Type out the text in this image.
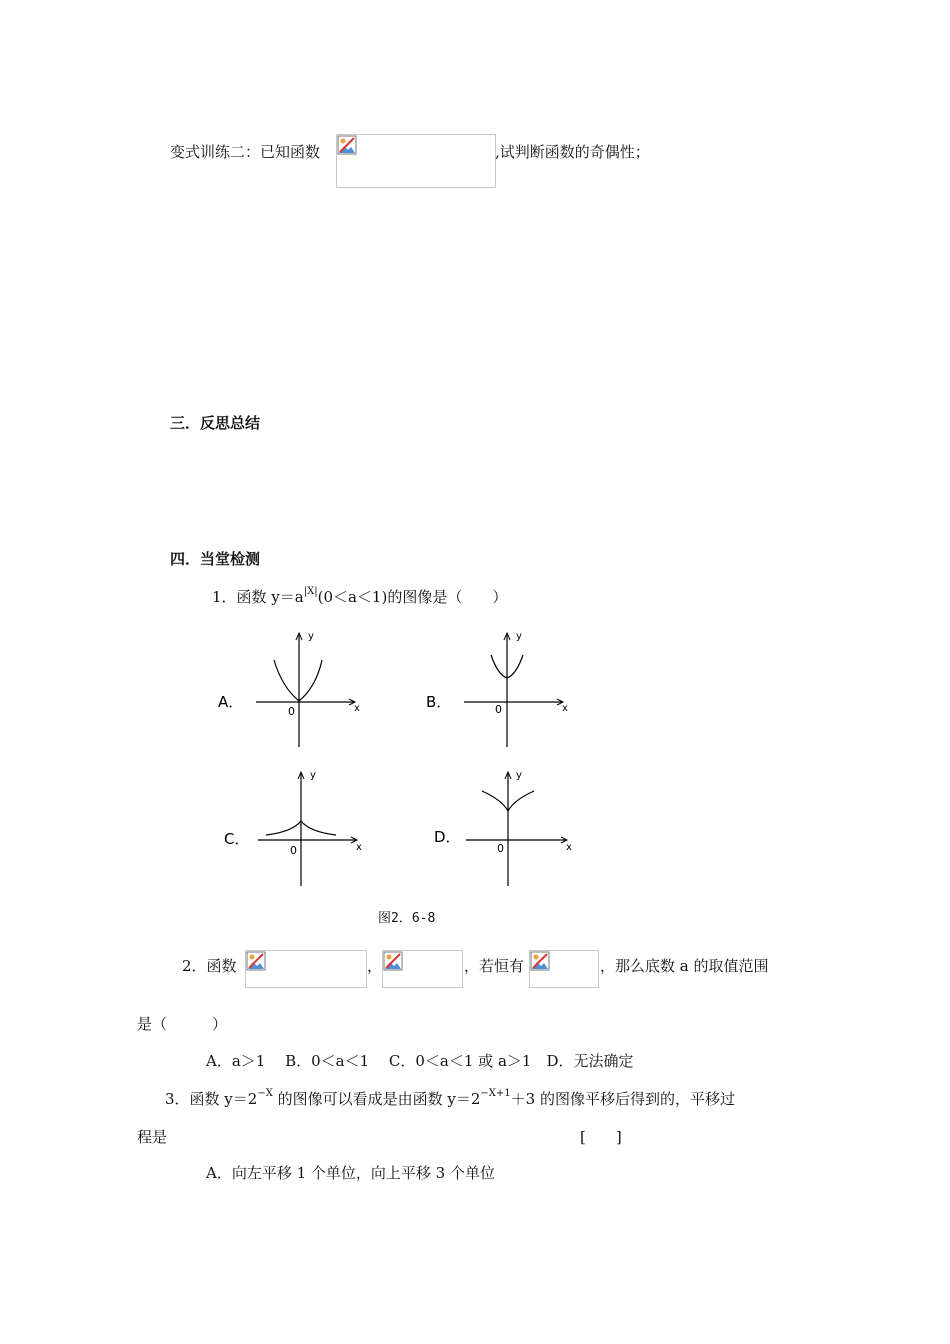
变式训练二：已知函数	,试判断函数的奇偶性；
三．反思总结
四．当堂检测
1．函数 $y=a^{|X|}(0<a<1)$的图像是（　　）
A．	x
y
0
B．	x
y
0
C．	x
y
0
D．
x
y
0
图2．6-8
2．函数	，	，若恒有	，那么底数 a 的取值范围
是（　　　）
A．a＞1　 B．0＜a＜1　 C．0＜a＜1 或 a＞1　D．无法确定
3．函数 $y=2^{-X}$ 的图像可以看成是由函数 $y=2^{-X+1}+3$ 的图像平移后得到的，平移过
程是	[　　]
A．向左平移 1 个单位，向上平移 3 个单位
